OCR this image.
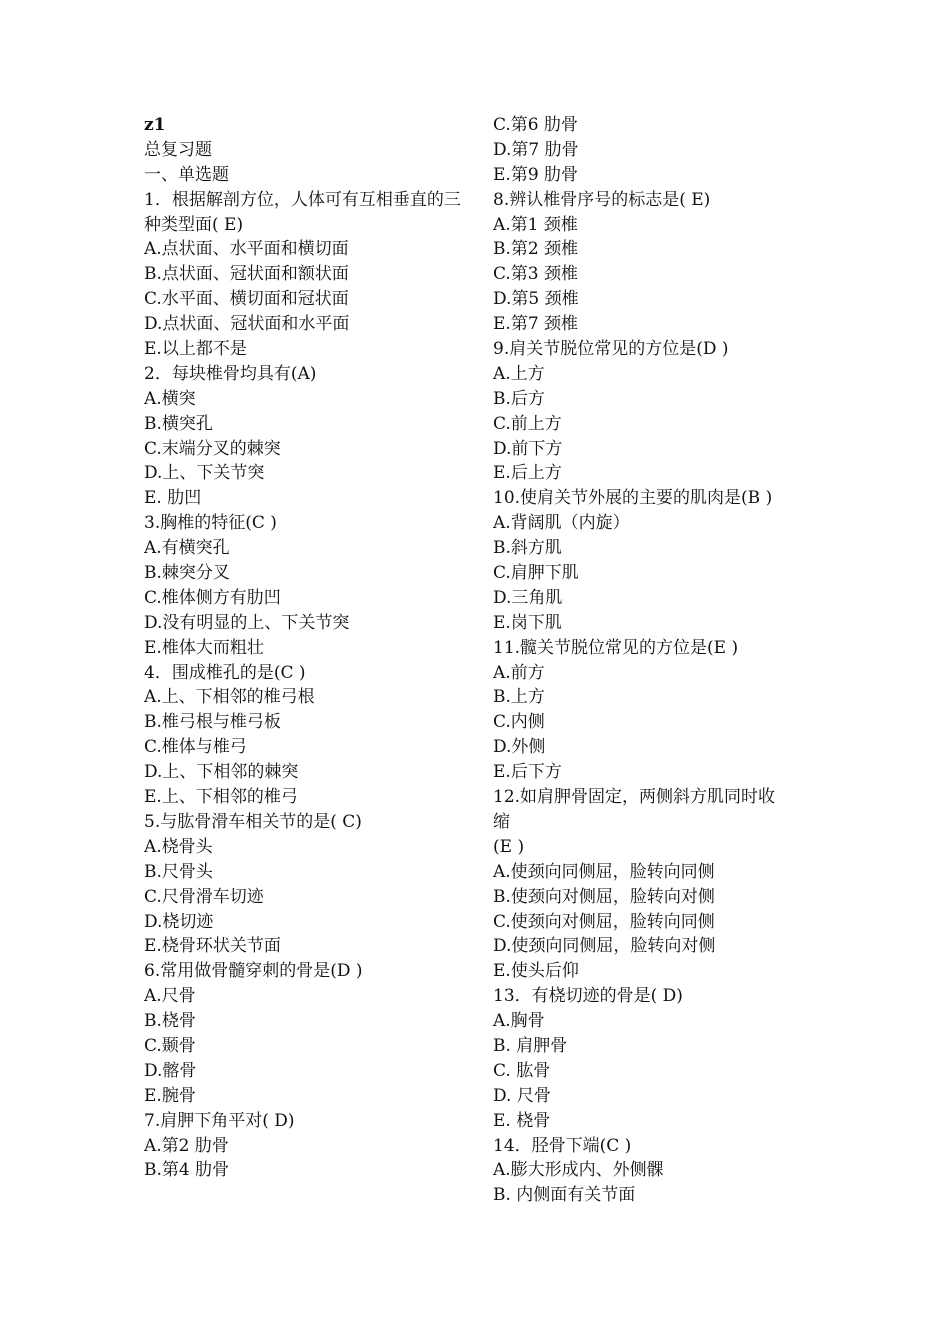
z1
总复习题
一、单选题
1．根据解剖方位，人体可有互相垂直的三
种类型面( E)
A.点状面、水平面和横切面
B.点状面、冠状面和额状面
C.水平面、横切面和冠状面
D.点状面、冠状面和水平面
E.以上都不是
2．每块椎骨均具有(A)
A.横突
B.横突孔
C.末端分叉的棘突
D.上、下关节突
E. 肋凹
3.胸椎的特征(C )
A.有横突孔
B.棘突分叉
C.椎体侧方有肋凹
D.没有明显的上、下关节突
E.椎体大而粗壮
4．围成椎孔的是(C )
A.上、下相邻的椎弓根
B.椎弓根与椎弓板
C.椎体与椎弓
D.上、下相邻的棘突
E.上、下相邻的椎弓
5.与肱骨滑车相关节的是( C)
A.桡骨头
B.尺骨头
C.尺骨滑车切迹
D.桡切迹
E.桡骨环状关节面
6.常用做骨髓穿刺的骨是(D )
A.尺骨
B.桡骨
C.颞骨
D.髂骨
E.腕骨
7.肩胛下角平对( D)
A.第2 肋骨
B.第4 肋骨
C.第6 肋骨
D.第7 肋骨
E.第9 肋骨
8.辨认椎骨序号的标志是( E)
A.第1 颈椎
B.第2 颈椎
C.第3 颈椎
D.第5 颈椎
E.第7 颈椎
9.肩关节脱位常见的方位是(D )
A.上方
B.后方
C.前上方
D.前下方
E.后上方
10.使肩关节外展的主要的肌肉是(B )
A.背阔肌（内旋）
B.斜方肌
C.肩胛下肌
D.三角肌
E.岗下肌
11.髋关节脱位常见的方位是(E )
A.前方
B.上方
C.内侧
D.外侧
E.后下方
12.如肩胛骨固定，两侧斜方肌同时收
缩
(E )
A.使颈向同侧屈，脸转向同侧
B.使颈向对侧屈，脸转向对侧
C.使颈向对侧屈，脸转向同侧
D.使颈向同侧屈，脸转向对侧
E.使头后仰
13．有桡切迹的骨是( D)
A.胸骨
B. 肩胛骨
C. 肱骨
D. 尺骨
E. 桡骨
14．胫骨下端(C )
A.膨大形成内、外侧髁
B. 内侧面有关节面
